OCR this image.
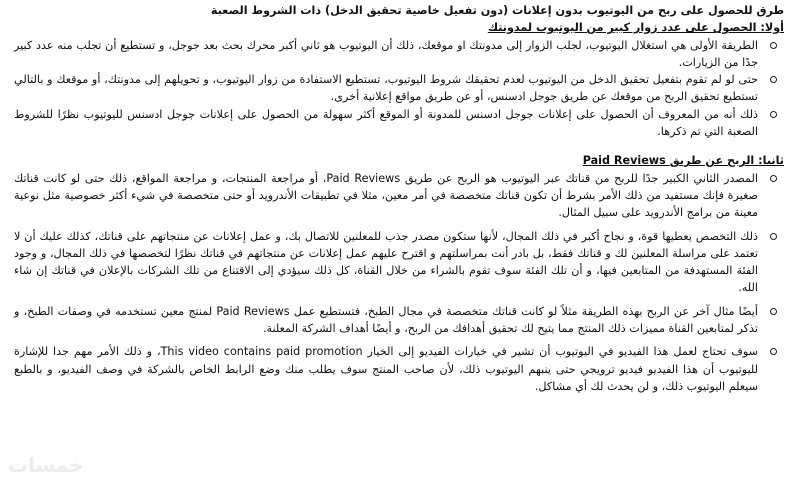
طرق للحصول على ربح من اليوتيوب بدون إعلانات (دون تفعيل خاصية تحقيق الدخل) ذات الشروط الصعبة
أولا: الحصول على عدد زوار كبير من اليوتيوب لمدونتك
الطريقة الأولى هي استغلال اليوتيوب، لجلب الزوار إلى مدونتك او موقعك، ذلك أن اليوتيوب هو ثاني أكبر محرك بحث بعد جوجل، و تستطيع أن تجلب منه عدد كبير جدًا من الزيارات.
حتى لو لم تقوم بتفعيل تحقيق الدخل من اليوتيوب لعدم تحقيقك شروط اليوتيوب، تستطيع الاستفادة من زوار اليوتيوب، و تحويلهم إلى مدونتك، أو موقعك و بالتالي تستطيع تحقيق الربح من موقعك عن طريق جوجل ادسنس، أو عن طريق مواقع إعلانية أخرى.
ذلك أنه من المعروف أن الحصول على إعلانات جوجل ادسنس للمدونة أو الموقع أكثر سهولة من الحصول على إعلانات جوجل ادسنس لليوتيوب نظرًا للشروط الصعبة التي تم ذكرها.
ثانيا: الربح عن طريق Paid Reviews
المصدر الثاني الكبير جدًا للربح من قناتك عبر اليوتيوب هو الربح عن طريق Paid Reviews، أو مراجعة المنتجات، و مراجعة المواقع، ذلك حتى لو كانت قناتك صغيرة فإنك مستفيد من ذلك الأمر بشرط أن تكون قناتك متخصصة في أمر معين، مثلا في تطبيقات الأندرويد أو حتى متخصصة في شيء أكثر خصوصية مثل نوعية معينة من برامج الأندرويد على سبيل المثال.
ذلك التخصص يعطيها قوة، و نجاح أكبر في ذلك المجال، لأنها ستكون مصدر جذب للمعلنين للاتصال بك، و عمل إعلانات عن منتجاتهم على قناتك، كذلك عليك أن لا تعتمد على مراسلة المعلنين لك و قناتك فقط، بل بادر أنت بمراسلتهم و اقترح عليهم عمل إعلانات عن منتجاتهم في قناتك نظرًا لتخصصها في ذلك المجال، و وجود الفئة المستهدفة من المتابعين فيها، و أن تلك الفئة سوف تقوم بالشراء من خلال القناة، كل ذلك سيؤدي إلى الاقتناع من تلك الشركات بالإعلان في قناتك إن شاء الله.
أيضًا مثال آخر عن الربح بهذه الطريقة مثلاً لو كانت قناتك متخصصة في مجال الطبخ، فتستطيع عمل Paid Reviews لمنتج معين تستخدمه في وصفات الطبخ، و تذكر لمتابعين القناة مميزات ذلك المنتج مما يتيح لك تحقيق أهدافك من الربح، و أيضًا أهداف الشركة المعلنة.
سوف تحتاج لعمل هذا الفيديو في اليوتيوب أن تشير في خيارات الفيديو إلى الخيار This video contains paid promotion، و ذلك الأمر مهم جدا للإشارة لليوتيوب أن هذا الفيديو فيديو ترويجي حتى ينبهم اليوتيوب ذلك، لأن صاحب المنتج سوف يطلب منك وضع الرابط الخاص بالشركة في وصف الفيديو، و بالطبع سيعلم اليوتيوب ذلك، و لن يحدث لك أي مشاكل.
خمسات
